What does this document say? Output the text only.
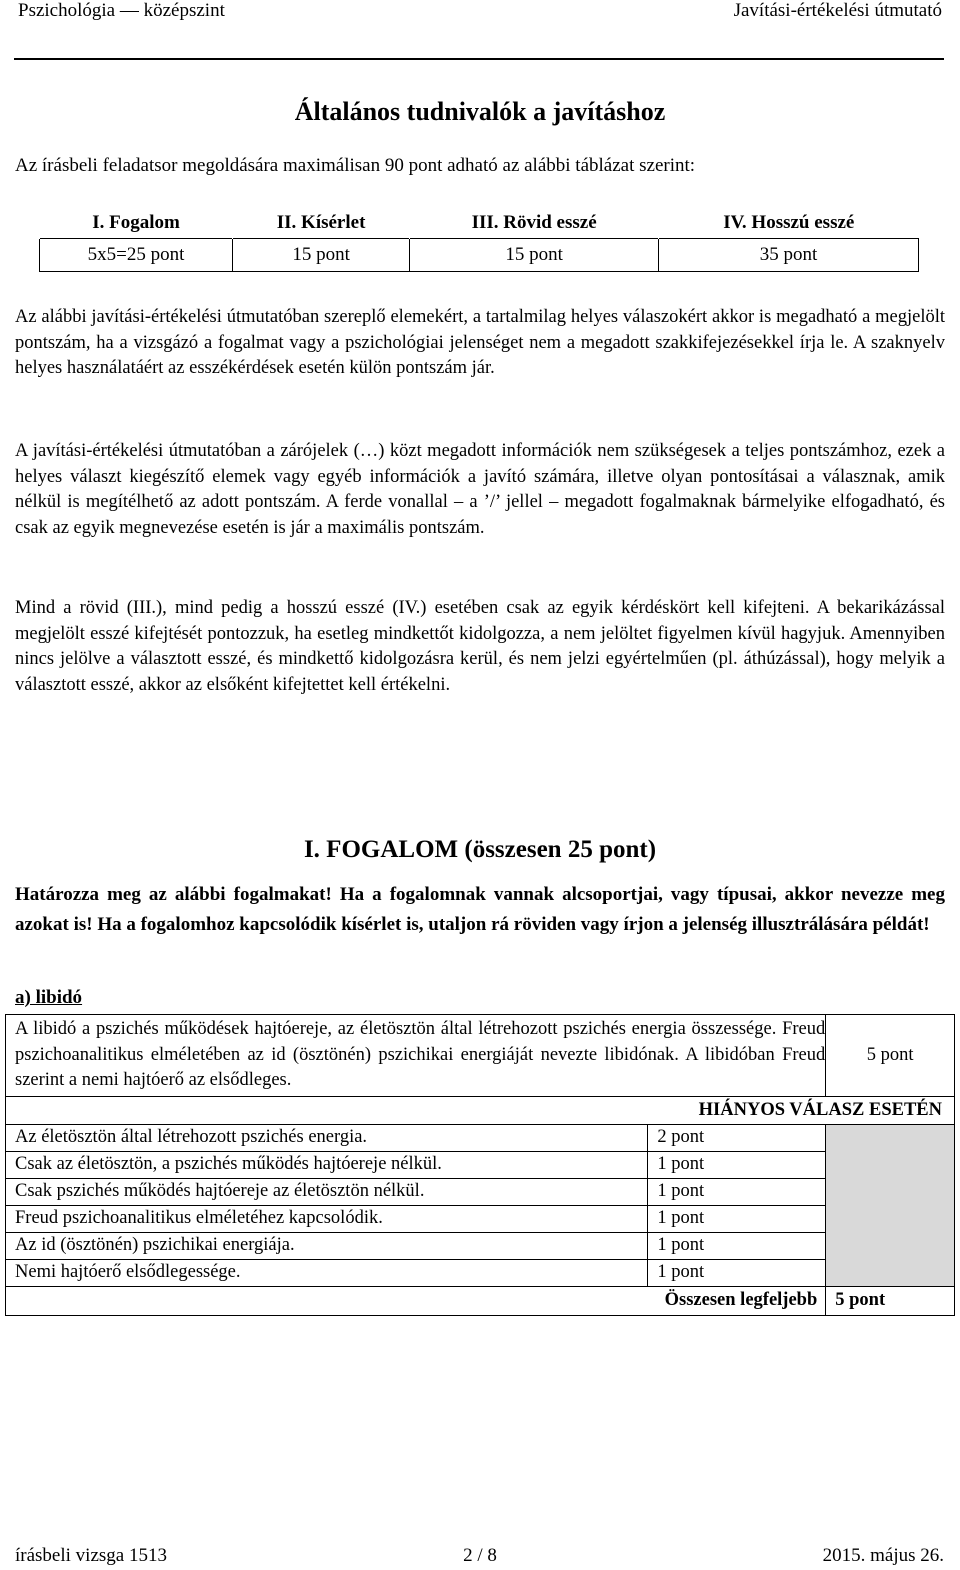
Pszichológia — középszint	Javítási-értékelési útmutató
Általános tudnivalók a javításhoz
Az írásbeli feladatsor megoldására maximálisan 90 pont adható az alábbi táblázat szerint:
I. Fogalom	II. Kísérlet	III. Rövid esszé	IV. Hosszú esszé
5x5=25 pont	15 pont	15 pont	35 pont
Az alábbi javítási-értékelési útmutatóban szereplő elemekért, a tartalmilag helyes válaszokért akkor is megadható a megjelölt pontszám, ha a vizsgázó a fogalmat vagy a pszichológiai jelenséget nem a megadott szakkifejezésekkel írja le. A szaknyelv helyes használatáért az esszékérdések esetén külön pontszám jár.
A javítási-értékelési útmutatóban a zárójelek (…) közt megadott információk nem szükségesek a teljes pontszámhoz, ezek a helyes választ kiegészítő elemek vagy egyéb információk a javító számára, illetve olyan pontosításai a válasznak, amik nélkül is megítélhető az adott pontszám. A ferde vonallal – a ’/’ jellel – megadott fogalmaknak bármelyike elfogadható, és csak az egyik megnevezése esetén is jár a maximális pontszám.
Mind a rövid (III.), mind pedig a hosszú esszé (IV.) esetében csak az egyik kérdéskört kell kifejteni. A bekarikázással megjelölt esszé kifejtését pontozzuk, ha esetleg mindkettőt kidolgozza, a nem jelöltet figyelmen kívül hagyjuk. Amennyiben nincs jelölve a választott esszé, és mindkettő kidolgozásra kerül, és nem jelzi egyértelműen (pl. áthúzással), hogy melyik a választott esszé, akkor az elsőként kifejtettet kell értékelni.
I. FOGALOM (összesen 25 pont)
Határozza meg az alábbi fogalmakat! Ha a fogalomnak vannak alcsoportjai, vagy típusai, akkor nevezze meg azokat is! Ha a fogalomhoz kapcsolódik kísérlet is, utaljon rá röviden vagy írjon a jelenség illusztrálására példát!
a) libidó
A libidó a pszichés működések hajtóereje, az életösztön által létrehozott pszichés energia összessége. Freud pszichoanalitikus elméletében az id (ösztönén) pszichikai energiáját nevezte libidónak. A libidóban Freud szerint a nemi hajtóerő az elsődleges.		5 pont
HIÁNYOS VÁLASZ ESETÉN		
Az életösztön által létrehozott pszichés energia.	2 pont	
Csak az életösztön, a pszichés működés hajtóereje nélkül.	1 pont	
Csak pszichés működés hajtóereje az életösztön nélkül.	1 pont	
Freud pszichoanalitikus elméletéhez kapcsolódik.	1 pont	
Az id (ösztönén) pszichikai energiája.	1 pont	
Nemi hajtóerő elsődlegessége.	1 pont	
Összesen legfeljebb		5 pont
írásbeli vizsga 1513	2 / 8	2015. május 26.
